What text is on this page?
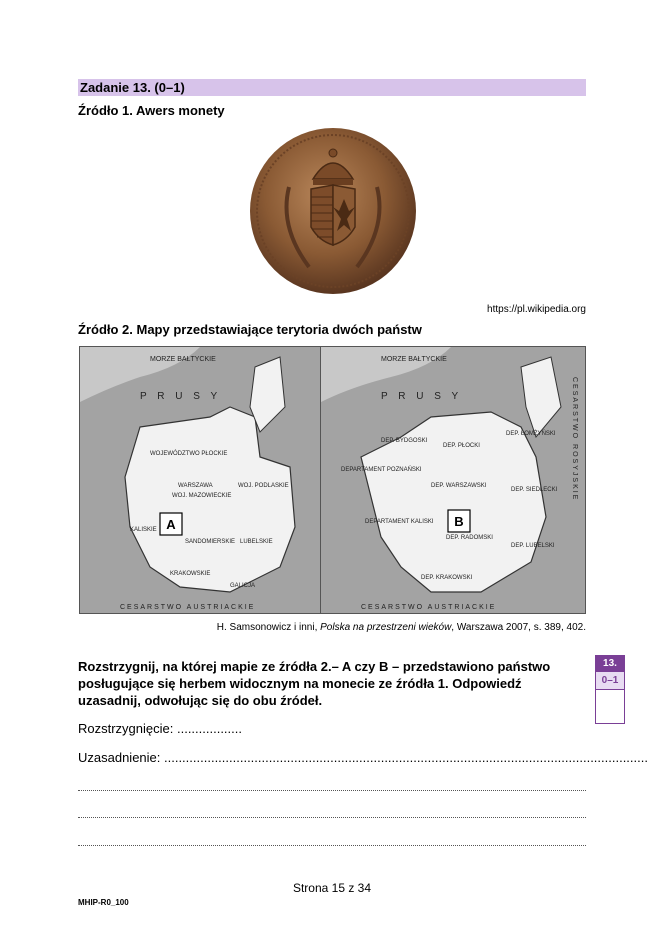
Zadanie 13. (0–1)
Źródło 1. Awers monety
https://pl.wikipedia.org
Źródło 2. Mapy przedstawiające terytoria dwóch państw
MORZE BAŁTYCKIE
P R U S Y
WOJEWÓDZTWO PŁOCKIE
WARSZAWA
WOJ. MAZOWIECKIE
WOJ. PODLASKIE
KALISKIE
SANDOMIERSKIE LUBELSKIE
KRAKOWSKIE
GALICJA
CESARSTWO AUSTRIACKIE
A
MORZE BAŁTYCKIE
P R U S Y
DEP. BYDGOSKI
DEP. PŁOCKI
DEP. ŁOMŻYŃSKI
DEPARTAMENT POZNAŃSKI
DEP. WARSZAWSKI
DEP. SIEDLECKI
DEPARTAMENT KALISKI
DEP. RADOMSKI
DEP. LUBELSKI
DEP. KRAKOWSKI
CESARSTWO AUSTRIACKIE
CESARSTWO ROSYJSKIE
B
H. Samsonowicz i inni, Polska na przestrzeni wieków, Warszawa 2007, s. 389, 402.
Rozstrzygnij, na której mapie ze źródła 2.– A czy B – przedstawiono państwo posługujące się herbem widocznym na monecie ze źródła 1. Odpowiedź uzasadnij, odwołując się do obu źródeł.
Rozstrzygnięcie: ..................
Uzasadnienie: ......................................................................................................................................
13.
0–1
Strona 15 z 34
MHIP-R0_100
